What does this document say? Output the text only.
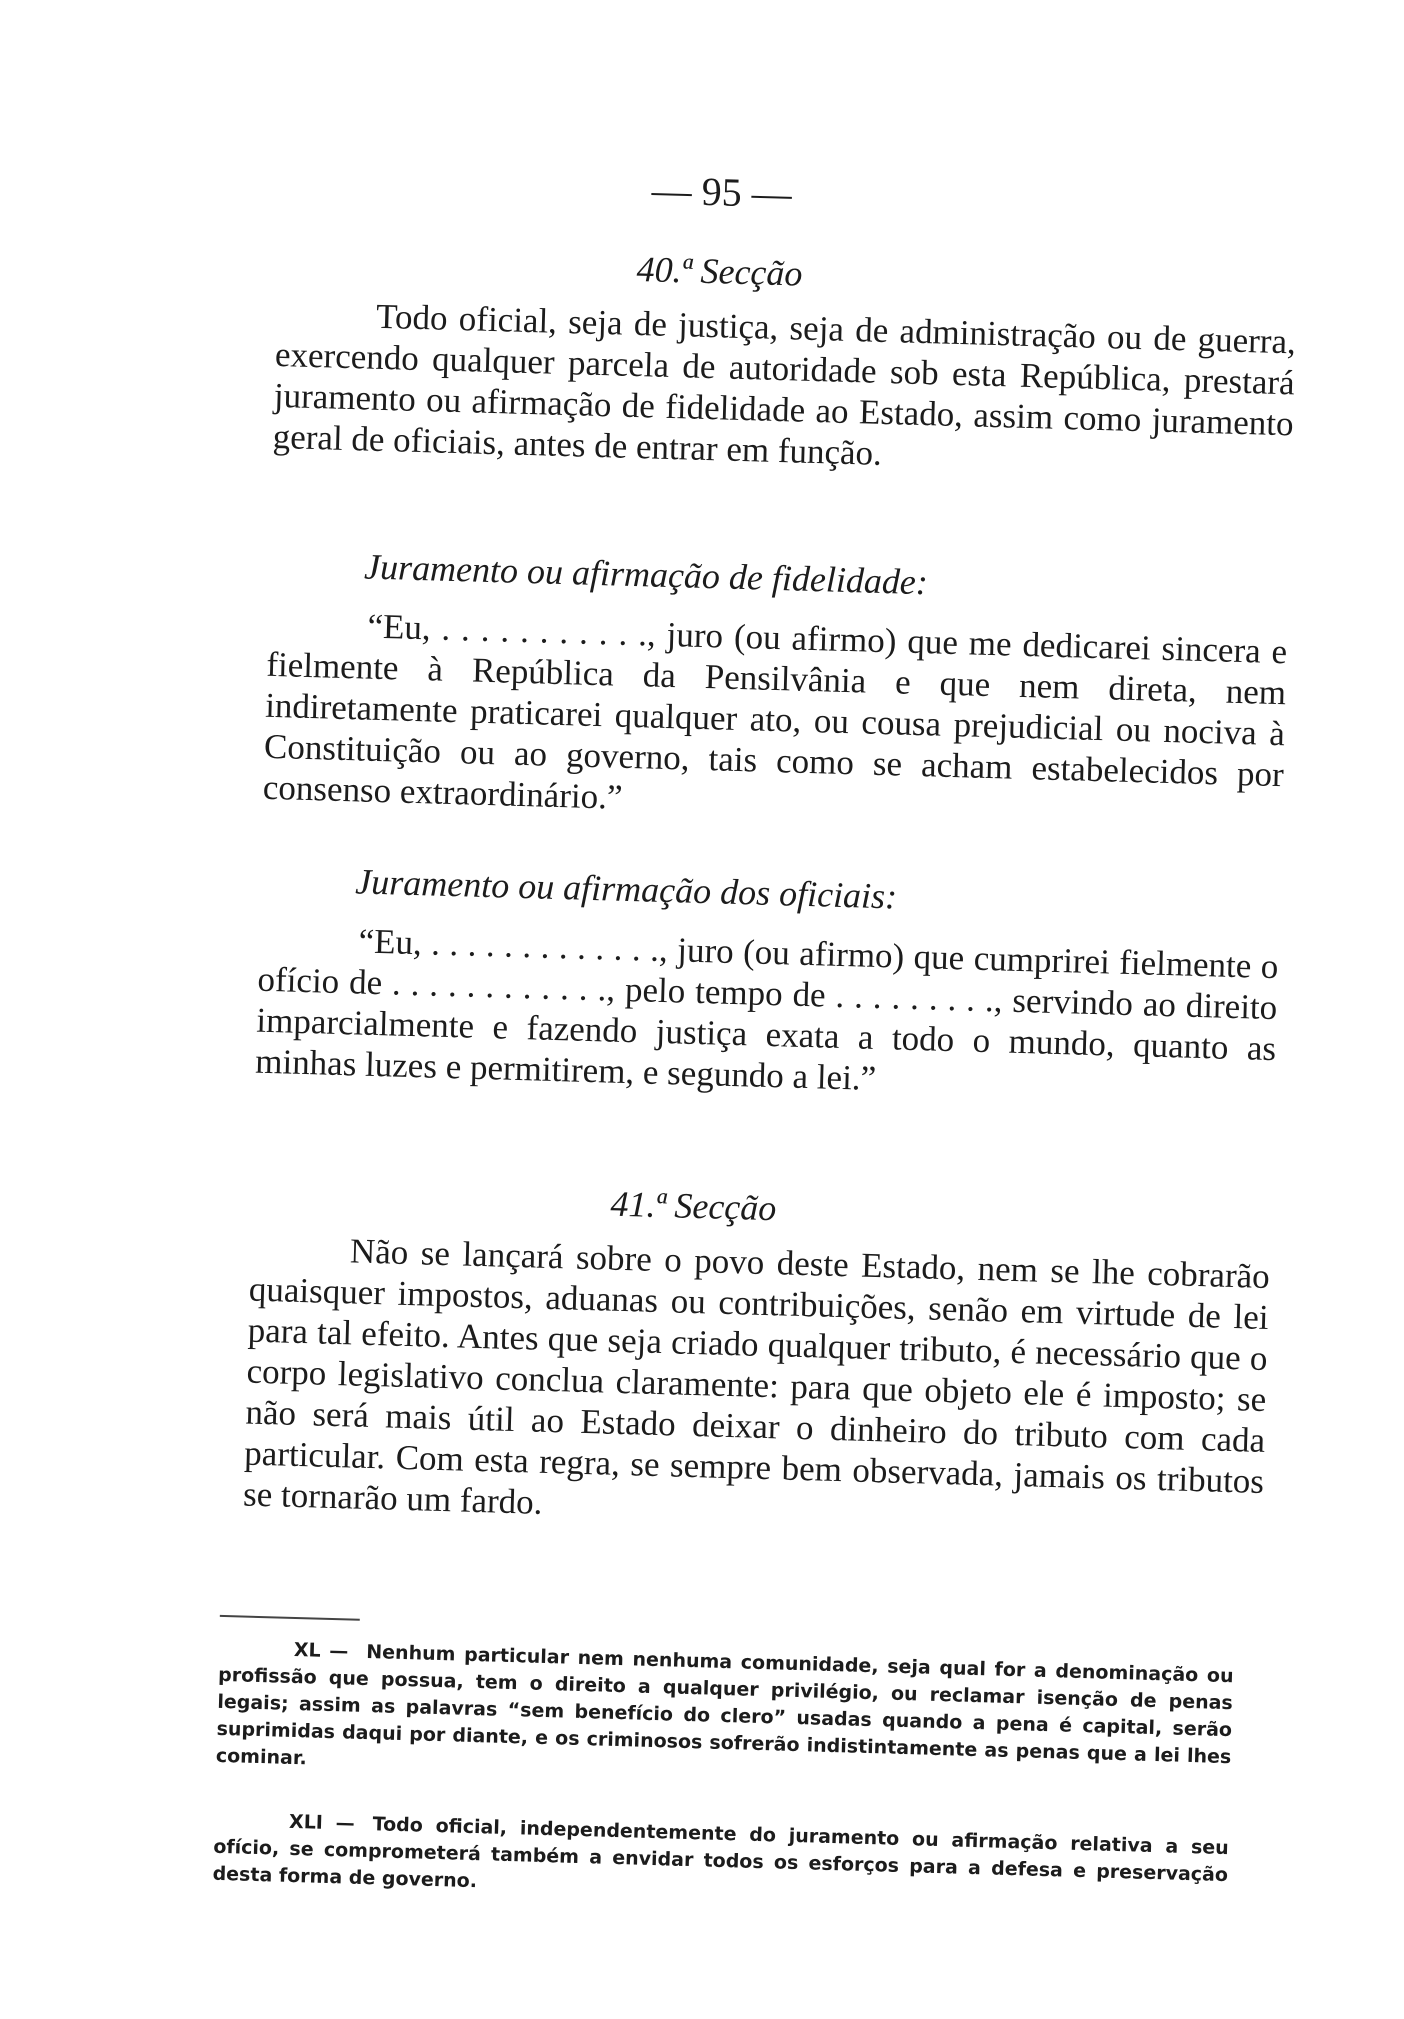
— 95 —
40.ª Secção
Todo oficial, seja de justiça, seja de administração ou de guerra, exercendo qualquer parcela de autoridade sob esta República, prestará juramento ou afirmação de fidelidade ao Estado, assim como juramento geral de oficiais, antes de entrar em função.
Juramento ou afirmação de fidelidade:
“Eu, . . . . . . . . . . ., juro (ou afirmo) que me dedicarei sincera e fielmente à República da Pensilvânia e que nem direta, nem indiretamente praticarei qualquer ato, ou cousa prejudicial ou nociva à Constituição ou ao governo, tais como se acham estabelecidos por consenso extraordinário.”
Juramento ou afirmação dos oficiais:
“Eu, . . . . . . . . . . . . ., juro (ou afirmo) que cumprirei fielmente o ofício de . . . . . . . . . . . ., pelo tempo de . . . . . . . . ., servindo ao direito imparcialmente e fazendo justiça exata a todo o mundo, quanto as minhas luzes e permitirem, e segundo a lei.”
41.ª Secção
Não se lançará sobre o povo deste Estado, nem se lhe cobrarão quaisquer impostos, aduanas ou contribuições, senão em virtude de lei para tal efeito. Antes que seja criado qualquer tributo, é necessário que o corpo legislativo conclua claramente: para que objeto ele é imposto; se não será mais útil ao Estado deixar o dinheiro do tributo com cada particular. Com esta regra, se sempre bem observada, jamais os tributos se tornarão um fardo.
XL — Nenhum particular nem nenhuma comunidade, seja qual for a denominação ou profissão que possua, tem o direito a qualquer privilégio, ou reclamar isenção de penas legais; assim as palavras “sem benefício do clero” usadas quando a pena é capital, serão suprimidas daqui por diante, e os criminosos sofrerão indistintamente as penas que a lei lhes cominar.
XLI — Todo oficial, independentemente do juramento ou afirmação relativa a seu ofício, se comprometerá também a envidar todos os esforços para a defesa e preservação desta forma de governo.
